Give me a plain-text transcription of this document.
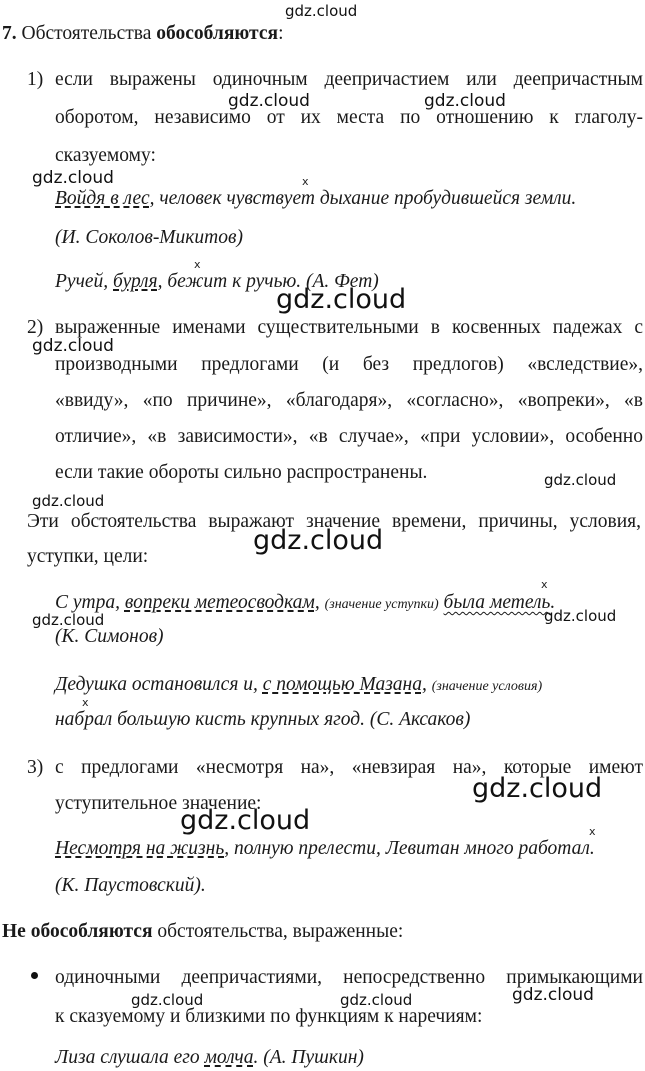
gdz.cloud
gdz.cloud	gdz.cloud
gdz.cloud
gdz.cloud
gdz.cloud
gdz.cloud
gdz.cloud
gdz.cloud
gdz.cloud	gdz.cloud
gdz.cloud
gdz.cloud
gdz.cloud	gdz.cloud	gdz.cloud
x
x
x
x
x
7. Обстоятельства обособляются:
1) если выражены одиночным деепричастием или деепричастным
оборотом, независимо от их места по отношению к глаголу-
сказуемому:
Войдя в лес, человек чувствует дыхание пробудившейся земли.
(И. Соколов-Микитов)
Ручей, бурля, бежит к ручью. (А. Фет)
2) выраженные именами существительными в косвенных падежах с
производными предлогами (и без предлогов) «вследствие»,
«ввиду», «по причине», «благодаря», «согласно», «вопреки», «в
отличие», «в зависимости», «в случае», «при условии», особенно
если такие обороты сильно распространены.
Эти обстоятельства выражают значение времени, причины, условия,
уступки, цели:
С утра, вопреки метеосводкам, (значение уступки) была метель.
(К. Симонов)
Дедушка остановился и, с помощью Мазана, (значение условия)
набрал большую кисть крупных ягод. (С. Аксаков)
3) с предлогами «несмотря на», «невзирая на», которые имеют
уступительное значение:
Несмотря на жизнь, полную прелести, Левитан много работал.
(К. Паустовский).
Не обособляются обстоятельства, выраженные:
одиночными деепричастиями, непосредственно примыкающими
к сказуемому и близкими по функциям к наречиям:
Лиза слушала его молча. (А. Пушкин)
